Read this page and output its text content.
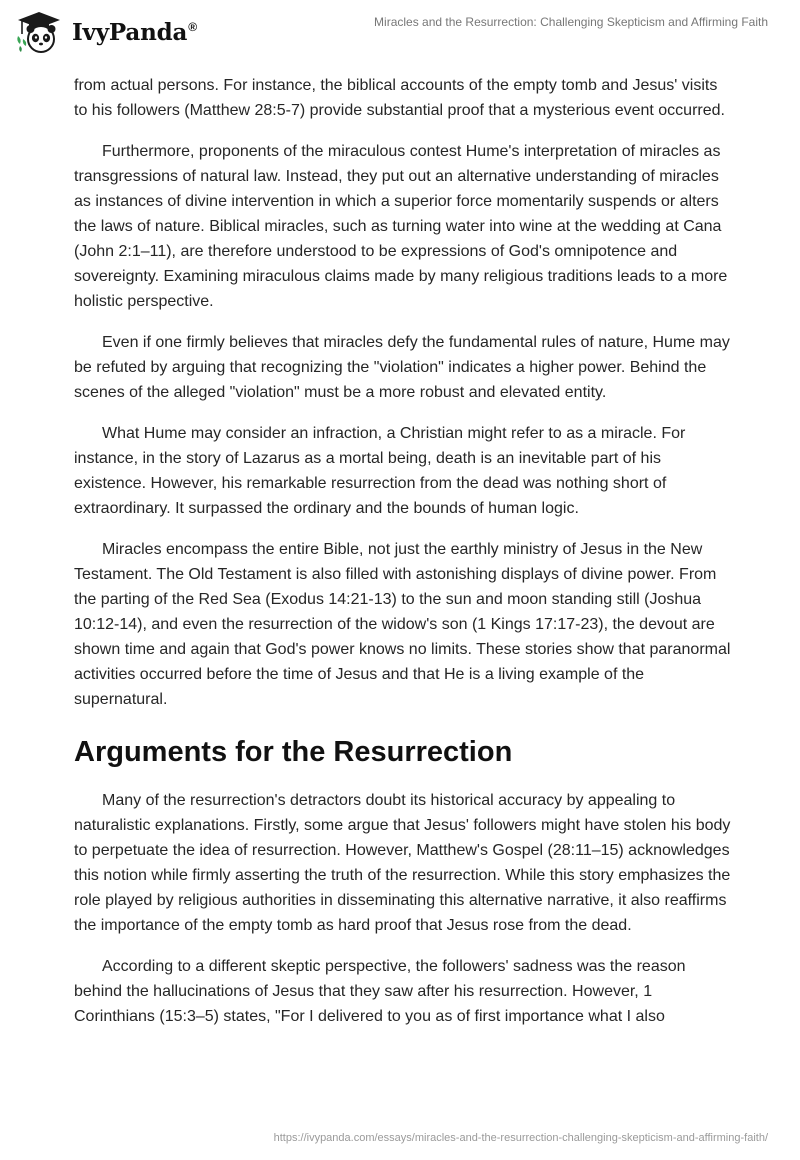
IvyPanda®	Miracles and the Resurrection: Challenging Skepticism and Affirming Faith

from actual persons. For instance, the biblical accounts of the empty tomb and Jesus' visits to his followers (Matthew 28:5-7) provide substantial proof that a mysterious event occurred.

Furthermore, proponents of the miraculous contest Hume's interpretation of miracles as transgressions of natural law. Instead, they put out an alternative understanding of miracles as instances of divine intervention in which a superior force momentarily suspends or alters the laws of nature. Biblical miracles, such as turning water into wine at the wedding at Cana (John 2:1–11), are therefore understood to be expressions of God's omnipotence and sovereignty. Examining miraculous claims made by many religious traditions leads to a more holistic perspective.

Even if one firmly believes that miracles defy the fundamental rules of nature, Hume may be refuted by arguing that recognizing the "violation" indicates a higher power. Behind the scenes of the alleged "violation" must be a more robust and elevated entity.

What Hume may consider an infraction, a Christian might refer to as a miracle. For instance, in the story of Lazarus as a mortal being, death is an inevitable part of his existence. However, his remarkable resurrection from the dead was nothing short of extraordinary. It surpassed the ordinary and the bounds of human logic.

Miracles encompass the entire Bible, not just the earthly ministry of Jesus in the New Testament. The Old Testament is also filled with astonishing displays of divine power. From the parting of the Red Sea (Exodus 14:21-13) to the sun and moon standing still (Joshua 10:12-14), and even the resurrection of the widow's son (1 Kings 17:17-23), the devout are shown time and again that God's power knows no limits. These stories show that paranormal activities occurred before the time of Jesus and that He is a living example of the supernatural.

Arguments for the Resurrection

Many of the resurrection's detractors doubt its historical accuracy by appealing to naturalistic explanations. Firstly, some argue that Jesus' followers might have stolen his body to perpetuate the idea of resurrection. However, Matthew's Gospel (28:11–15) acknowledges this notion while firmly asserting the truth of the resurrection. While this story emphasizes the role played by religious authorities in disseminating this alternative narrative, it also reaffirms the importance of the empty tomb as hard proof that Jesus rose from the dead.

According to a different skeptic perspective, the followers' sadness was the reason behind the hallucinations of Jesus that they saw after his resurrection. However, 1 Corinthians (15:3–5) states, "For I delivered to you as of first importance what I also

https://ivypanda.com/essays/miracles-and-the-resurrection-challenging-skepticism-and-affirming-faith/
